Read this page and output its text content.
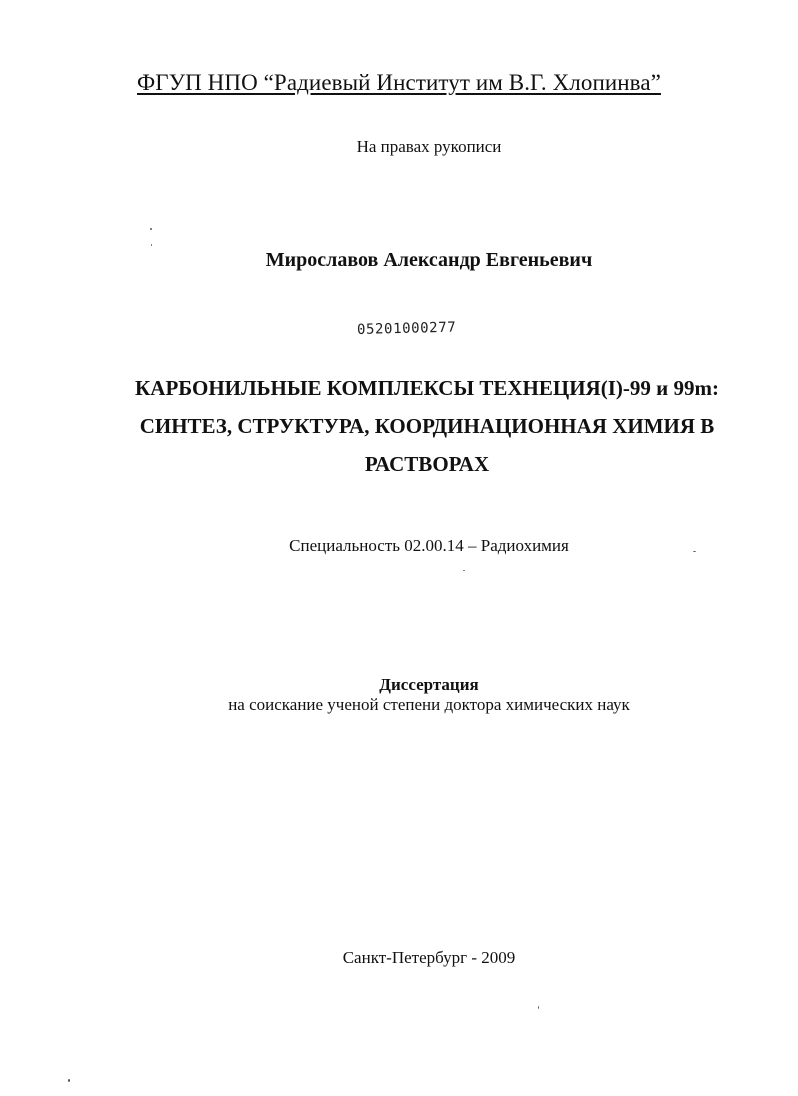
ФГУП НПО “Радиевый Институт им В.Г. Хлопинва”
На правах рукописи
Мирославов Александр Евгеньевич
05201000277
КАРБОНИЛЬНЫЕ КОМПЛЕКСЫ ТЕХНЕЦИЯ(I)-99 и 99m:
СИНТЕЗ, СТРУКТУРА, КООРДИНАЦИОННАЯ ХИМИЯ В
РАСТВОРАХ
Специальность 02.00.14 – Радиохимия
Диссертация
на соискание ученой степени доктора химических наук
Санкт-Петербург - 2009
